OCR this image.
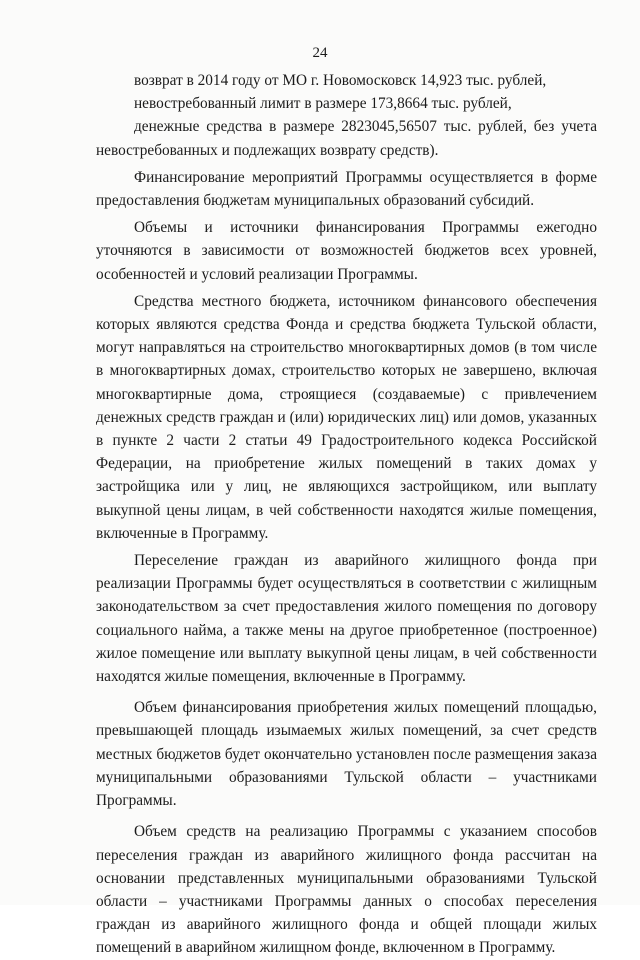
24

возврат в 2014 году от МО г. Новомосковск 14,923 тыс. рублей,

невостребованный лимит в размере 173,8664 тыс. рублей,

денежные средства в размере 2823045,56507 тыс. рублей, без учета невостребованных и подлежащих возврату средств).

Финансирование мероприятий Программы осуществляется в форме предоставления бюджетам муниципальных образований субсидий.

Объемы и источники финансирования Программы ежегодно уточняются в зависимости от возможностей бюджетов всех уровней, особенностей и условий реализации Программы.

Средства местного бюджета, источником финансового обеспечения которых являются средства Фонда и средства бюджета Тульской области, могут направляться на строительство многоквартирных домов (в том числе в многоквартирных домах, строительство которых не завершено, включая многоквартирные дома, строящиеся (создаваемые) с привлечением денежных средств граждан и (или) юридических лиц) или домов, указанных в пункте 2 части 2 статьи 49 Градостроительного кодекса Российской Федерации, на приобретение жилых помещений в таких домах у застройщика или у лиц, не являющихся застройщиком, или выплату выкупной цены лицам, в чей собственности находятся жилые помещения, включенные в Программу.

Переселение граждан из аварийного жилищного фонда при реализации Программы будет осуществляться в соответствии с жилищным законодательством за счет предоставления жилого помещения по договору социального найма, а также мены на другое приобретенное (построенное) жилое помещение или выплату выкупной цены лицам, в чей собственности находятся жилые помещения, включенные в Программу.

Объем финансирования приобретения жилых помещений площадью, превышающей площадь изымаемых жилых помещений, за счет средств местных бюджетов будет окончательно установлен после размещения заказа муниципальными образованиями Тульской области – участниками Программы.

Объем средств на реализацию Программы с указанием способов переселения граждан из аварийного жилищного фонда рассчитан на основании представленных муниципальными образованиями Тульской области – участниками Программы данных о способах переселения граждан из аварийного жилищного фонда и общей площади жилых помещений в аварийном жилищном фонде, включенном в Программу.
